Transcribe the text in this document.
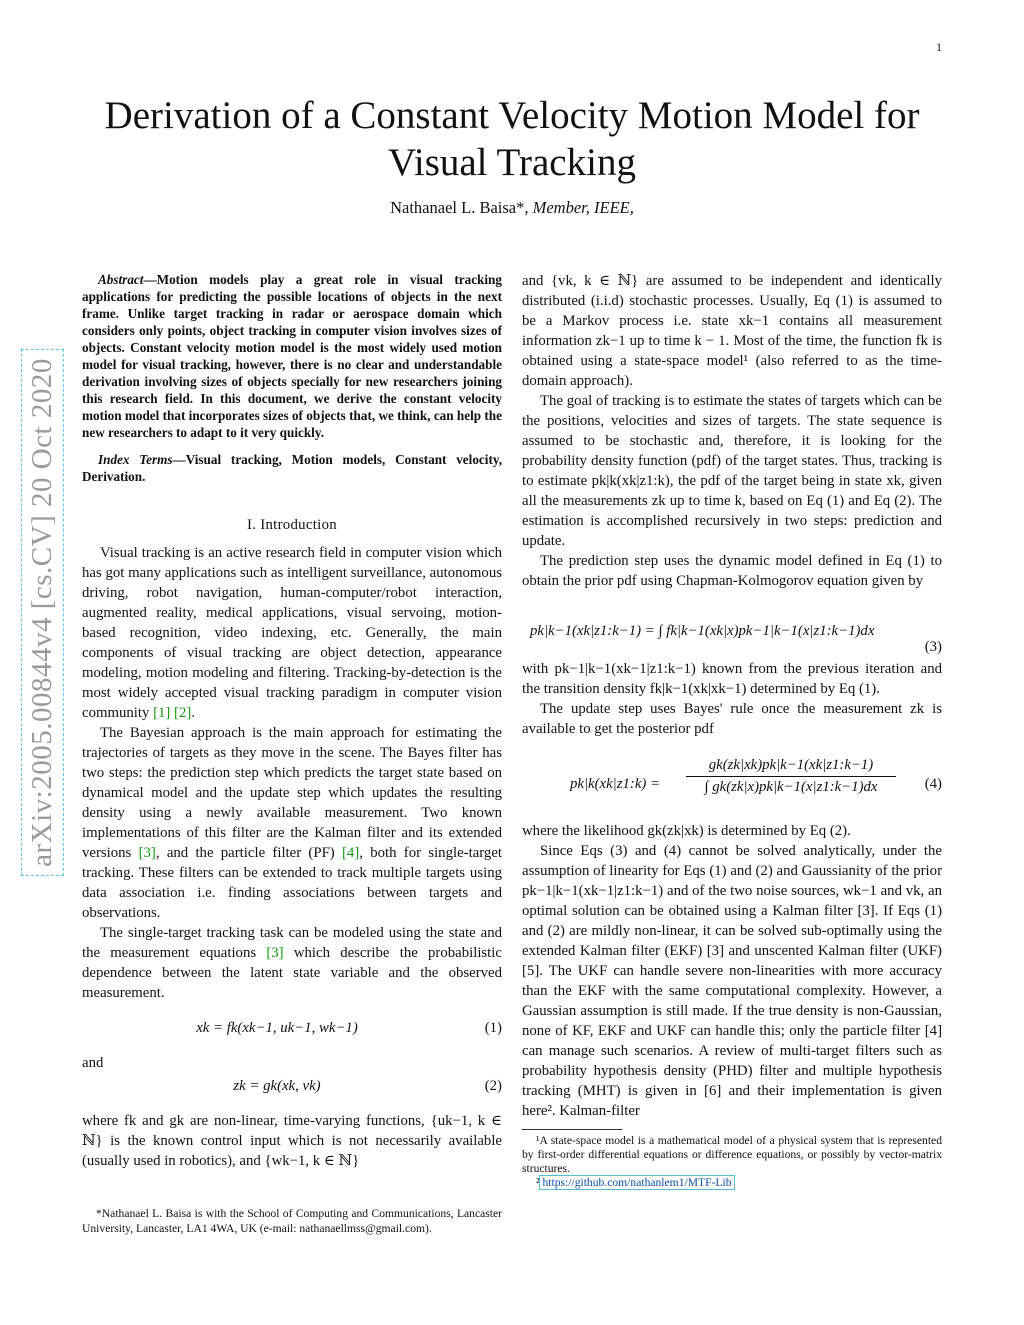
1
arXiv:2005.00844v4 [cs.CV] 20 Oct 2020
Derivation of a Constant Velocity Motion Model for Visual Tracking
Nathanael L. Baisa*, Member, IEEE,

Abstract—Motion models play a great role in visual tracking applications for predicting the possible locations of objects in the next frame. Unlike target tracking in radar or aerospace domain which considers only points, object tracking in computer vision involves sizes of objects. Constant velocity motion model is the most widely used motion model for visual tracking, however, there is no clear and understandable derivation involving sizes of objects specially for new researchers joining this research field. In this document, we derive the constant velocity motion model that incorporates sizes of objects that, we think, can help the new researchers to adapt to it very quickly.

Index Terms—Visual tracking, Motion models, Constant velocity, Derivation.

I. Introduction

Visual tracking is an active research field in computer vision which has got many applications such as intelligent surveillance, autonomous driving, robot navigation, human-computer/robot interaction, augmented reality, medical applications, visual servoing, motion-based recognition, video indexing, etc. Generally, the main components of visual tracking are object detection, appearance modeling, motion modeling and filtering. Tracking-by-detection is the most widely accepted visual tracking paradigm in computer vision community [1] [2].

The Bayesian approach is the main approach for estimating the trajectories of targets as they move in the scene. The Bayes filter has two steps: the prediction step which predicts the target state based on dynamical model and the update step which updates the resulting density using a newly available measurement. Two known implementations of this filter are the Kalman filter and its extended versions [3], and the particle filter (PF) [4], both for single-target tracking. These filters can be extended to track multiple targets using data association i.e. finding associations between targets and observations.

The single-target tracking task can be modeled using the state and the measurement equations [3] which describe the probabilistic dependence between the latent state variable and the observed measurement.

xk = fk(xk−1, uk−1, wk−1)	(1)

and

zk = gk(xk, vk)	(2)

where fk and gk are non-linear, time-varying functions, {uk−1, k ∈ ℕ} is the known control input which is not necessarily available (usually used in robotics), and {wk−1, k ∈ ℕ}

*Nathanael L. Baisa is with the School of Computing and Communications, Lancaster University, Lancaster, LA1 4WA, UK (e-mail: nathanaellmss@gmail.com).

and {vk, k ∈ ℕ} are assumed to be independent and identically distributed (i.i.d) stochastic processes. Usually, Eq (1) is assumed to be a Markov process i.e. state xk−1 contains all measurement information zk−1 up to time k − 1. Most of the time, the function fk is obtained using a state-space model¹ (also referred to as the time-domain approach).

The goal of tracking is to estimate the states of targets which can be the positions, velocities and sizes of targets. The state sequence is assumed to be stochastic and, therefore, it is looking for the probability density function (pdf) of the target states. Thus, tracking is to estimate pk|k(xk|z1:k), the pdf of the target being in state xk, given all the measurements zk up to time k, based on Eq (1) and Eq (2). The estimation is accomplished recursively in two steps: prediction and update.

The prediction step uses the dynamic model defined in Eq (1) to obtain the prior pdf using Chapman-Kolmogorov equation given by

pk|k−1(xk|z1:k−1) = ∫ fk|k−1(xk|x)pk−1|k−1(x|z1:k−1)dx
(3)

with pk−1|k−1(xk−1|z1:k−1) known from the previous iteration and the transition density fk|k−1(xk|xk−1) determined by Eq (1).

The update step uses Bayes' rule once the measurement zk is available to get the posterior pdf

pk|k(xk|z1:k) = $\frac{gk(zk|xk)pk|k-1(xk|z1:k-1)}{\int gk(zk|x)pk|k-1(x|z1:k-1)dx} (4)$

where the likelihood gk(zk|xk) is determined by Eq (2).

Since Eqs (3) and (4) cannot be solved analytically, under the assumption of linearity for Eqs (1) and (2) and Gaussianity of the prior pk−1|k−1(xk−1|z1:k−1) and of the two noise sources, wk−1 and vk, an optimal solution can be obtained using a Kalman filter [3]. If Eqs (1) and (2) are mildly non-linear, it can be solved sub-optimally using the extended Kalman filter (EKF) [3] and unscented Kalman filter (UKF) [5]. The UKF can handle severe non-linearities with more accuracy than the EKF with the same computational complexity. However, a Gaussian assumption is still made. If the true density is non-Gaussian, none of KF, EKF and UKF can handle this; only the particle filter [4] can manage such scenarios. A review of multi-target filters such as probability hypothesis density (PHD) filter and multiple hypothesis tracking (MHT) is given in [6] and their implementation is given here². Kalman-filter

¹A state-space model is a mathematical model of a physical system that is represented by first-order differential equations or difference equations, or possibly by vector-matrix structures.

² https://github.com/nathanlem1/MTF-Lib
